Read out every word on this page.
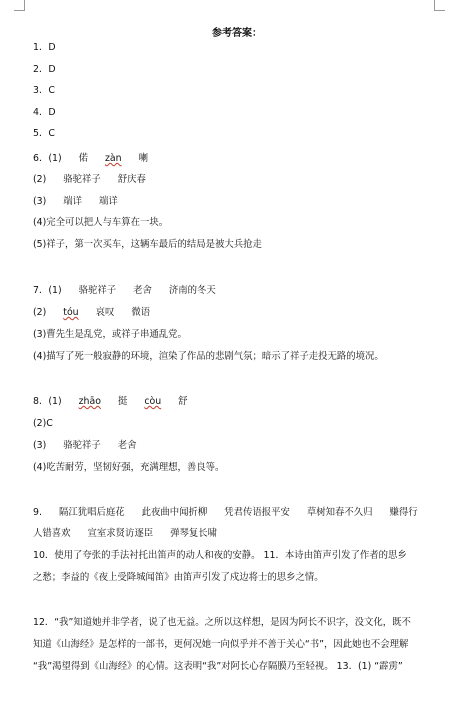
参考答案：
1．D
2．D
3．C
4．D
5．C
6．(1) 偌 zàn 喇
(2) 骆驼祥子 舒庆春
(3) 端详 端详
(4)完全可以把人与车算在一块。
(5)祥子，第一次买车，这辆车最后的结局是被大兵抢走
7．(1) 骆驼祥子 老舍 济南的冬天
(2) tóu 哀叹 微语
(3)曹先生是乱党，或祥子串通乱党。
(4)描写了死一般寂静的环境，渲染了作品的悲剧气氛；暗示了祥子走投无路的境况。
8．(1) zhāo 挺 còu 舒
(2)C
(3) 骆驼祥子 老舍
(4)吃苦耐劳，坚韧好强，充满理想，善良等。
9. 隔江犹唱后庭花 此夜曲中闻折柳 凭君传语报平安 草树知春不久归 赚得行
人错喜欢 宣室求贤访逐臣 弹琴复长啸
10．使用了夸张的手法衬托出笛声的动人和夜的安静。 11．本诗由笛声引发了作者的思乡
之愁；李益的《夜上受降城闻笛》由笛声引发了戍边将士的思乡之情。
12．“我”知道她并非学者，说了也无益。之所以这样想，是因为阿长不识字，没文化，既不
知道《山海经》是怎样的一部书，更何况她一向似乎并不善于关心“书”，因此她也不会理解
“我”渴望得到《山海经》的心情。这表明“我”对阿长心存隔膜乃至轻视。 13．(1) “霹雳”
